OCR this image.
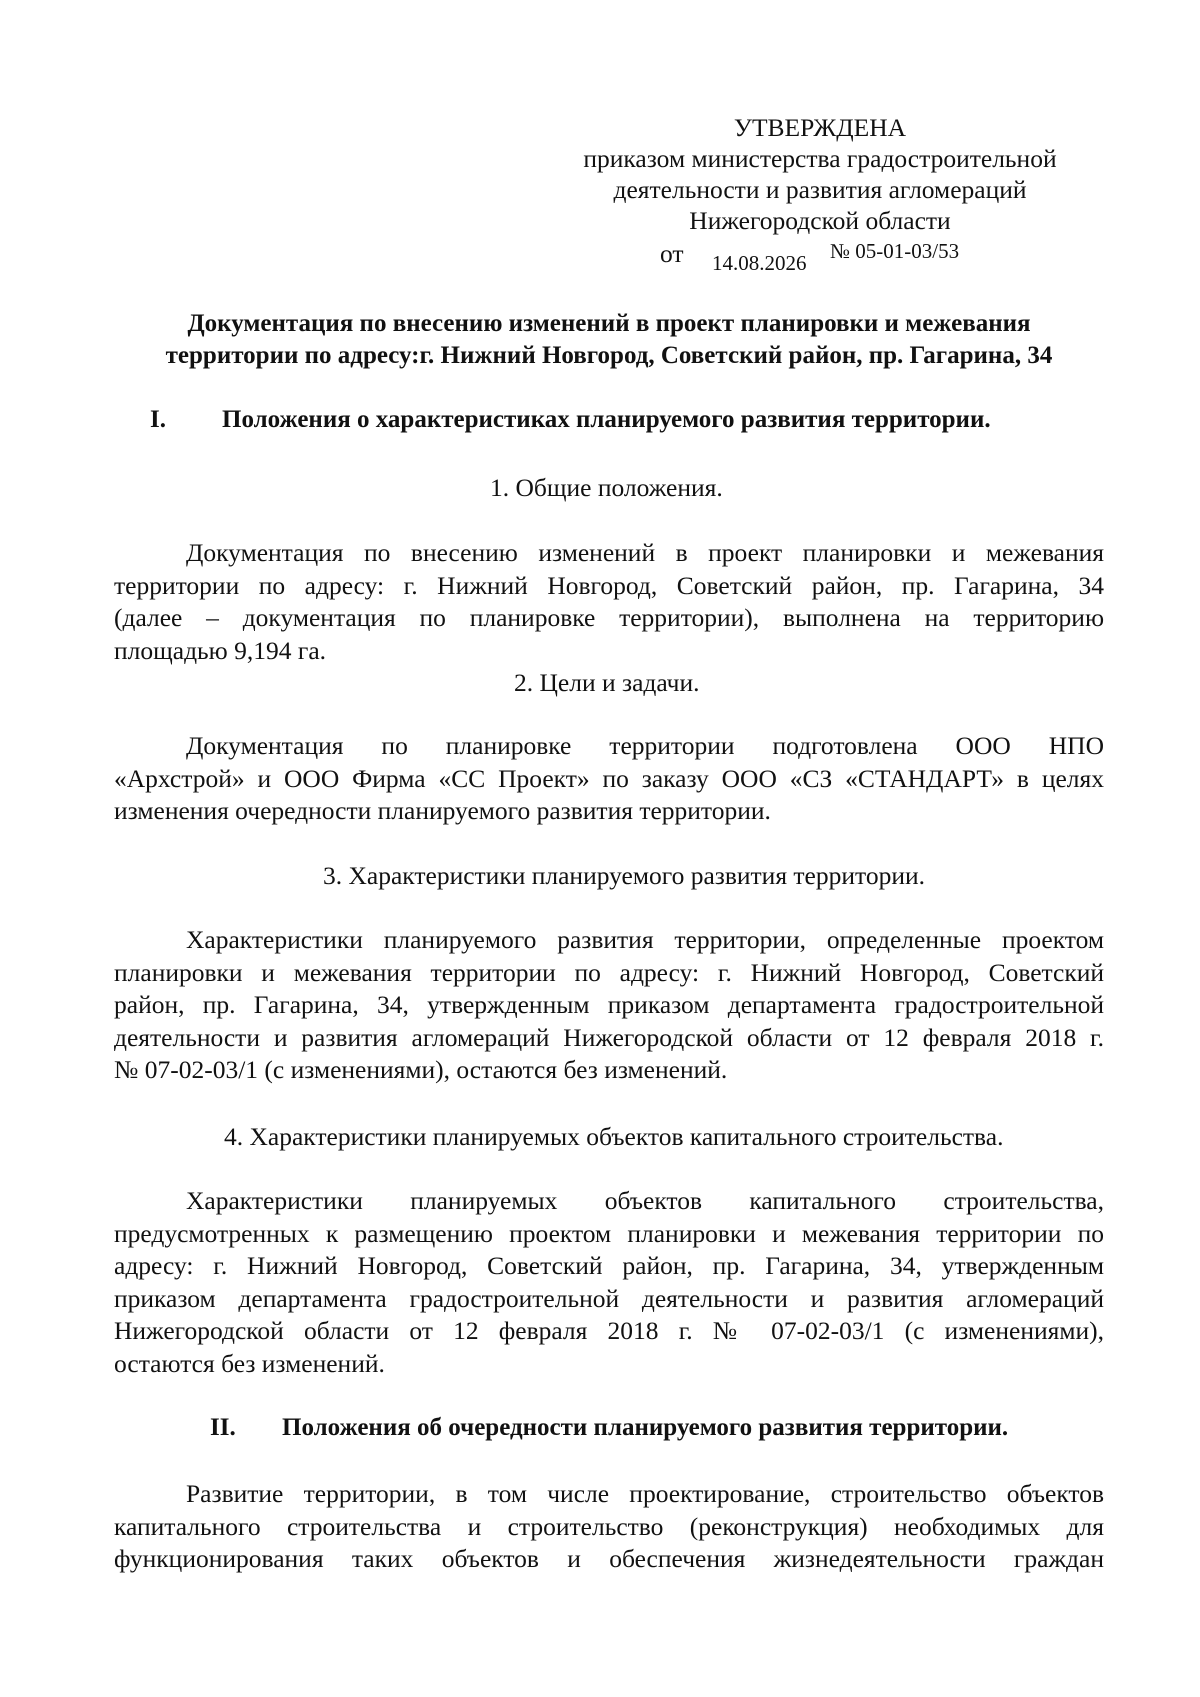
УТВЕРЖДЕНА
приказом министерства градостроительной
деятельности и развития агломераций
Нижегородской области
от 14.08.2026 № 05-01-03/53
Документация по внесению изменений в проект планировки и межевания
территории по адресу:г. Нижний Новгород, Советский район, пр. Гагарина, 34
I. Положения о характеристиках планируемого развития территории.
1. Общие положения.
Документация по внесению изменений в проект планировки и межевания
территории по адресу: г. Нижний Новгород, Советский район, пр. Гагарина, 34
(далее – документация по планировке территории), выполнена на территорию
площадью 9,194 га.
2. Цели и задачи.
Документация по планировке территории подготовлена ООО НПО
«Архстрой» и ООО Фирма «СС Проект» по заказу ООО «СЗ «СТАНДАРТ» в целях
изменения очередности планируемого развития территории.
3. Характеристики планируемого развития территории.
Характеристики планируемого развития территории, определенные проектом
планировки и межевания территории по адресу: г. Нижний Новгород, Советский
район, пр. Гагарина, 34, утвержденным приказом департамента градостроительной
деятельности и развития агломераций Нижегородской области от 12 февраля 2018 г.
№ 07-02-03/1 (с изменениями), остаются без изменений.
4. Характеристики планируемых объектов капитального строительства.
Характеристики планируемых объектов капитального строительства,
предусмотренных к размещению проектом планировки и межевания территории по
адресу: г. Нижний Новгород, Советский район, пр. Гагарина, 34, утвержденным
приказом департамента градостроительной деятельности и развития агломераций
Нижегородской области от 12 февраля 2018 г. № 07-02-03/1 (с изменениями),
остаются без изменений.
II. Положения об очередности планируемого развития территории.
Развитие территории, в том числе проектирование, строительство объектов
капитального строительства и строительство (реконструкция) необходимых для
функционирования таких объектов и обеспечения жизнедеятельности граждан
